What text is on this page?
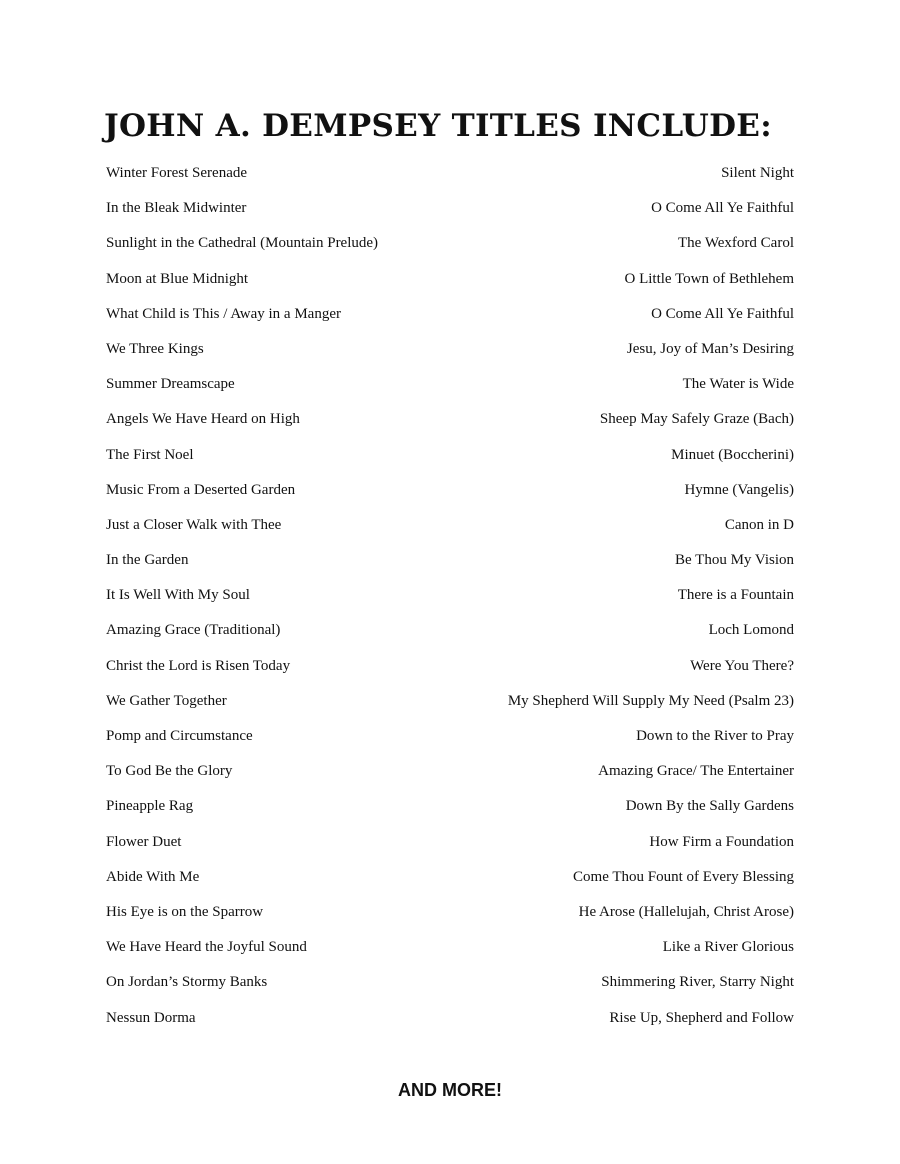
JOHN A. DEMPSEY TITLES INCLUDE:
Winter Forest Serenade	Silent Night
In the Bleak Midwinter	O Come All Ye Faithful
Sunlight in the Cathedral (Mountain Prelude)	The Wexford Carol
Moon at Blue Midnight	O Little Town of Bethlehem
What Child is This / Away in a Manger	O Come All Ye Faithful
We Three Kings	Jesu, Joy of Man’s Desiring
Summer Dreamscape	The Water is Wide
Angels We Have Heard on High	Sheep May Safely Graze (Bach)
The First Noel	Minuet (Boccherini)
Music From a Deserted Garden	Hymne (Vangelis)
Just a Closer Walk with Thee	Canon in D
In the Garden	Be Thou My Vision
It Is Well With My Soul	There is a Fountain
Amazing Grace (Traditional)	Loch Lomond
Christ the Lord is Risen Today	Were You There?
We Gather Together	My Shepherd Will Supply My Need (Psalm 23)
Pomp and Circumstance	Down to the River to Pray
To God Be the Glory	Amazing Grace/ The Entertainer
Pineapple Rag	Down By the Sally Gardens
Flower Duet	How Firm a Foundation
Abide With Me	Come Thou Fount of Every Blessing
His Eye is on the Sparrow	He Arose (Hallelujah, Christ Arose)
We Have Heard the Joyful Sound	Like a River Glorious
On Jordan’s Stormy Banks	Shimmering River, Starry Night
Nessun Dorma	Rise Up, Shepherd and Follow
AND MORE!
